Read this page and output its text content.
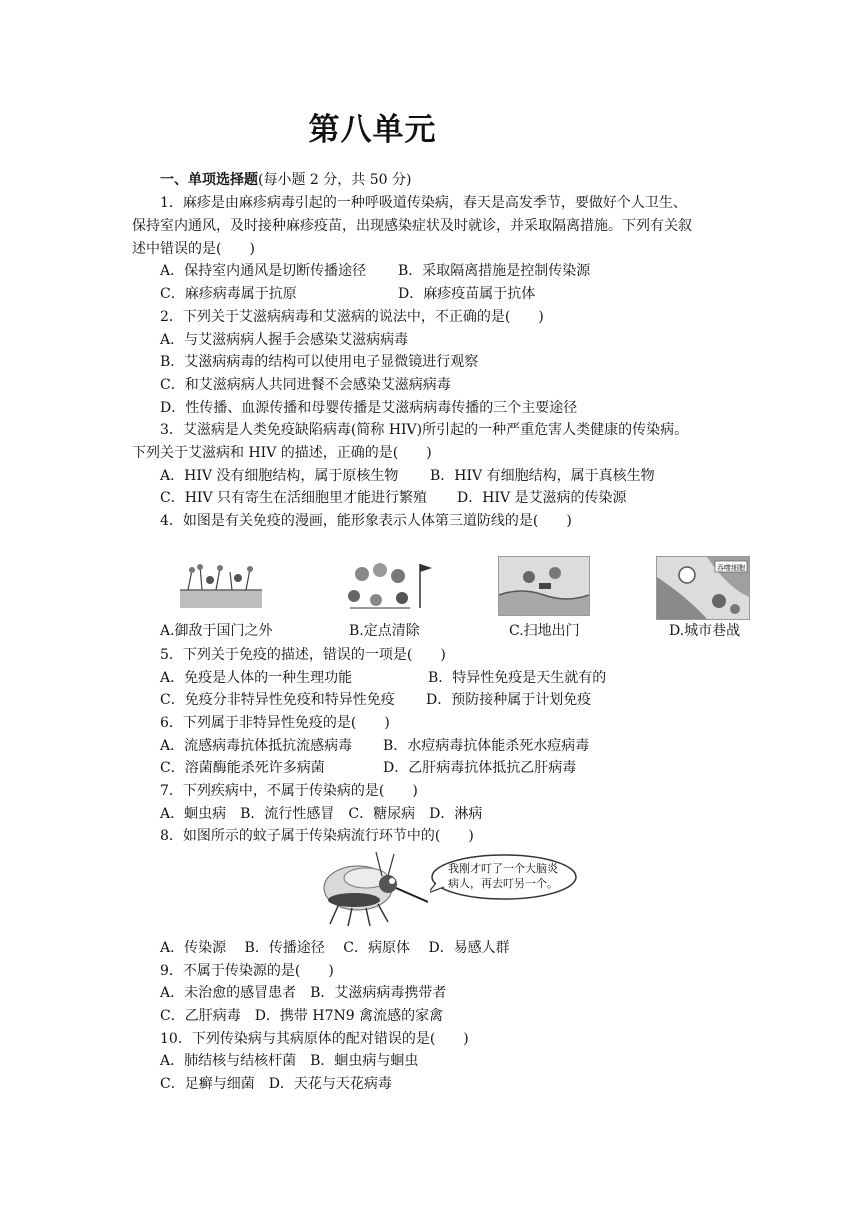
第八单元
一、单项选择题(每小题 2 分，共 50 分)
1．麻疹是由麻疹病毒引起的一种呼吸道传染病，春天是高发季节，要做好个人卫生、
保持室内通风，及时接种麻疹疫苗，出现感染症状及时就诊，并采取隔离措施。下列有关叙
述中错误的是(　　)
A．保持室内通风是切断传播途径 B．采取隔离措施是控制传染源
C．麻疹病毒属于抗原	D．麻疹疫苗属于抗体
2．下列关于艾滋病病毒和艾滋病的说法中，不正确的是(　　)
A．与艾滋病病人握手会感染艾滋病病毒
B．艾滋病病毒的结构可以使用电子显微镜进行观察
C．和艾滋病病人共同进餐不会感染艾滋病病毒
D．性传播、血源传播和母婴传播是艾滋病病毒传播的三个主要途径
3．艾滋病是人类免疫缺陷病毒(简称 HIV)所引起的一种严重危害人类健康的传染病。
下列关于艾滋病和 HIV 的描述，正确的是(　　)
A．HIV 没有细胞结构，属于原核生物 B．HIV 有细胞结构，属于真核生物
C．HIV 只有寄生在活细胞里才能进行繁殖 D．HIV 是艾滋病的传染源
4．如图是有关免疫的漫画，能形象表示人体第三道防线的是(　　)
吞噬细胞
A.御敌于国门之外	B.定点清除	C.扫地出门	D.城市巷战
5．下列关于免疫的描述，错误的一项是(　　)
A．免疫是人体的一种生理功能	B．特异性免疫是天生就有的
C．免疫分非特异性免疫和特异性免疫 D．预防接种属于计划免疫
6．下列属于非特异性免疫的是(　　)
A．流感病毒抗体抵抗流感病毒 B．水痘病毒抗体能杀死水痘病毒
C．溶菌酶能杀死许多病菌	D．乙肝病毒抗体抵抗乙肝病毒
7．下列疾病中，不属于传染病的是(　　)
A．蛔虫病　B．流行性感冒　C．糖尿病　D．淋病
8．如图所示的蚊子属于传染病流行环节中的(　　)
我刚才叮了一个大脑炎
病人，再去叮另一个。
A．传染源　 B．传播途径　 C．病原体　 D．易感人群
9．不属于传染源的是(　　)
A．未治愈的感冒患者　B．艾滋病病毒携带者
C．乙肝病毒　D．携带 H7N9 禽流感的家禽
10．下列传染病与其病原体的配对错误的是(　　)
A．肺结核与结核杆菌　B．蛔虫病与蛔虫
C．足癣与细菌　D．天花与天花病毒
